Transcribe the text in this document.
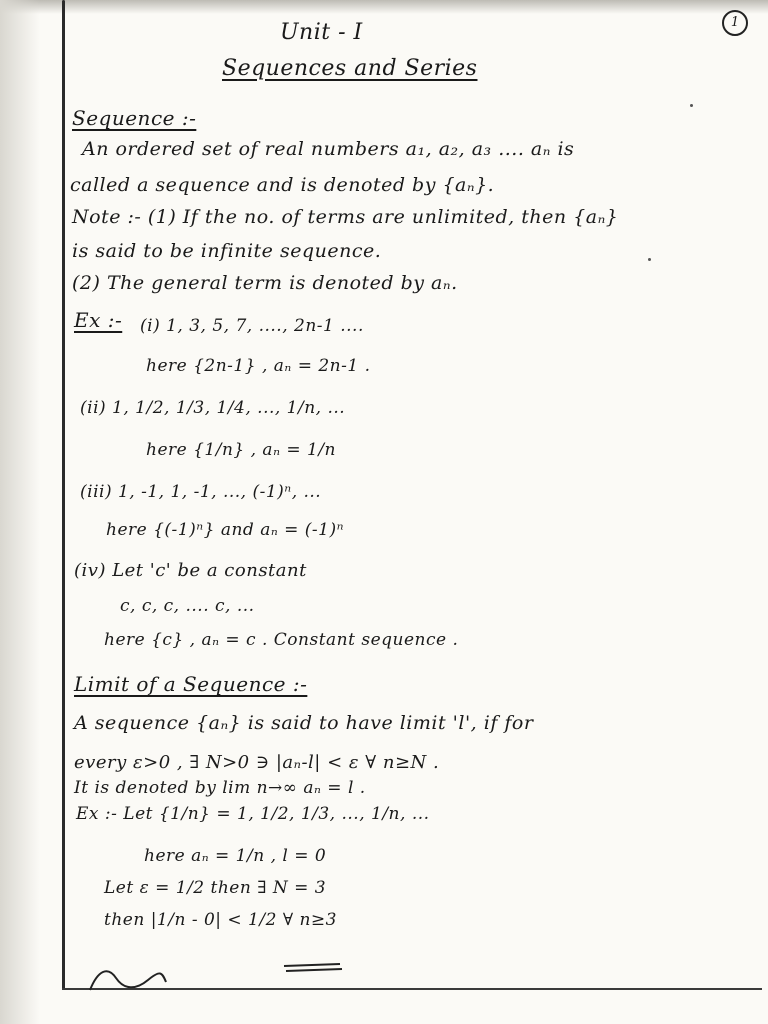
1
Unit - I
Sequences and Series
Sequence :-
An ordered set of real numbers a₁, a₂, a₃ .... aₙ is
called a sequence and is denoted by {aₙ}.
Note :- (1) If the no. of terms are unlimited, then {aₙ}
is said to be infinite sequence.
(2) The general term is denoted by aₙ.
Ex :- (i) 1, 3, 5, 7, ...., 2n-1 ....
here {2n-1} , aₙ = 2n-1 .
(ii) 1, 1/2, 1/3, 1/4, ..., 1/n, ...
here {1/n} , aₙ = 1/n
(iii) 1, -1, 1, -1, ..., (-1)ⁿ, ...
here {(-1)ⁿ} and aₙ = (-1)ⁿ
(iv) Let 'c' be a constant
c, c, c, .... c, ...
here {c} , aₙ = c . Constant sequence .
Limit of a Sequence :-
A sequence {aₙ} is said to have limit 'l', if for
every ε>0 , ∃ N>0 ∋ |aₙ-l| < ε ∀ n≥N .
It is denoted by lim n→∞ aₙ = l .
Ex :- Let {1/n} = 1, 1/2, 1/3, ..., 1/n, ...
here aₙ = 1/n , l = 0
Let ε = 1/2 then ∃ N = 3
then |1/n - 0| < 1/2 ∀ n≥3
